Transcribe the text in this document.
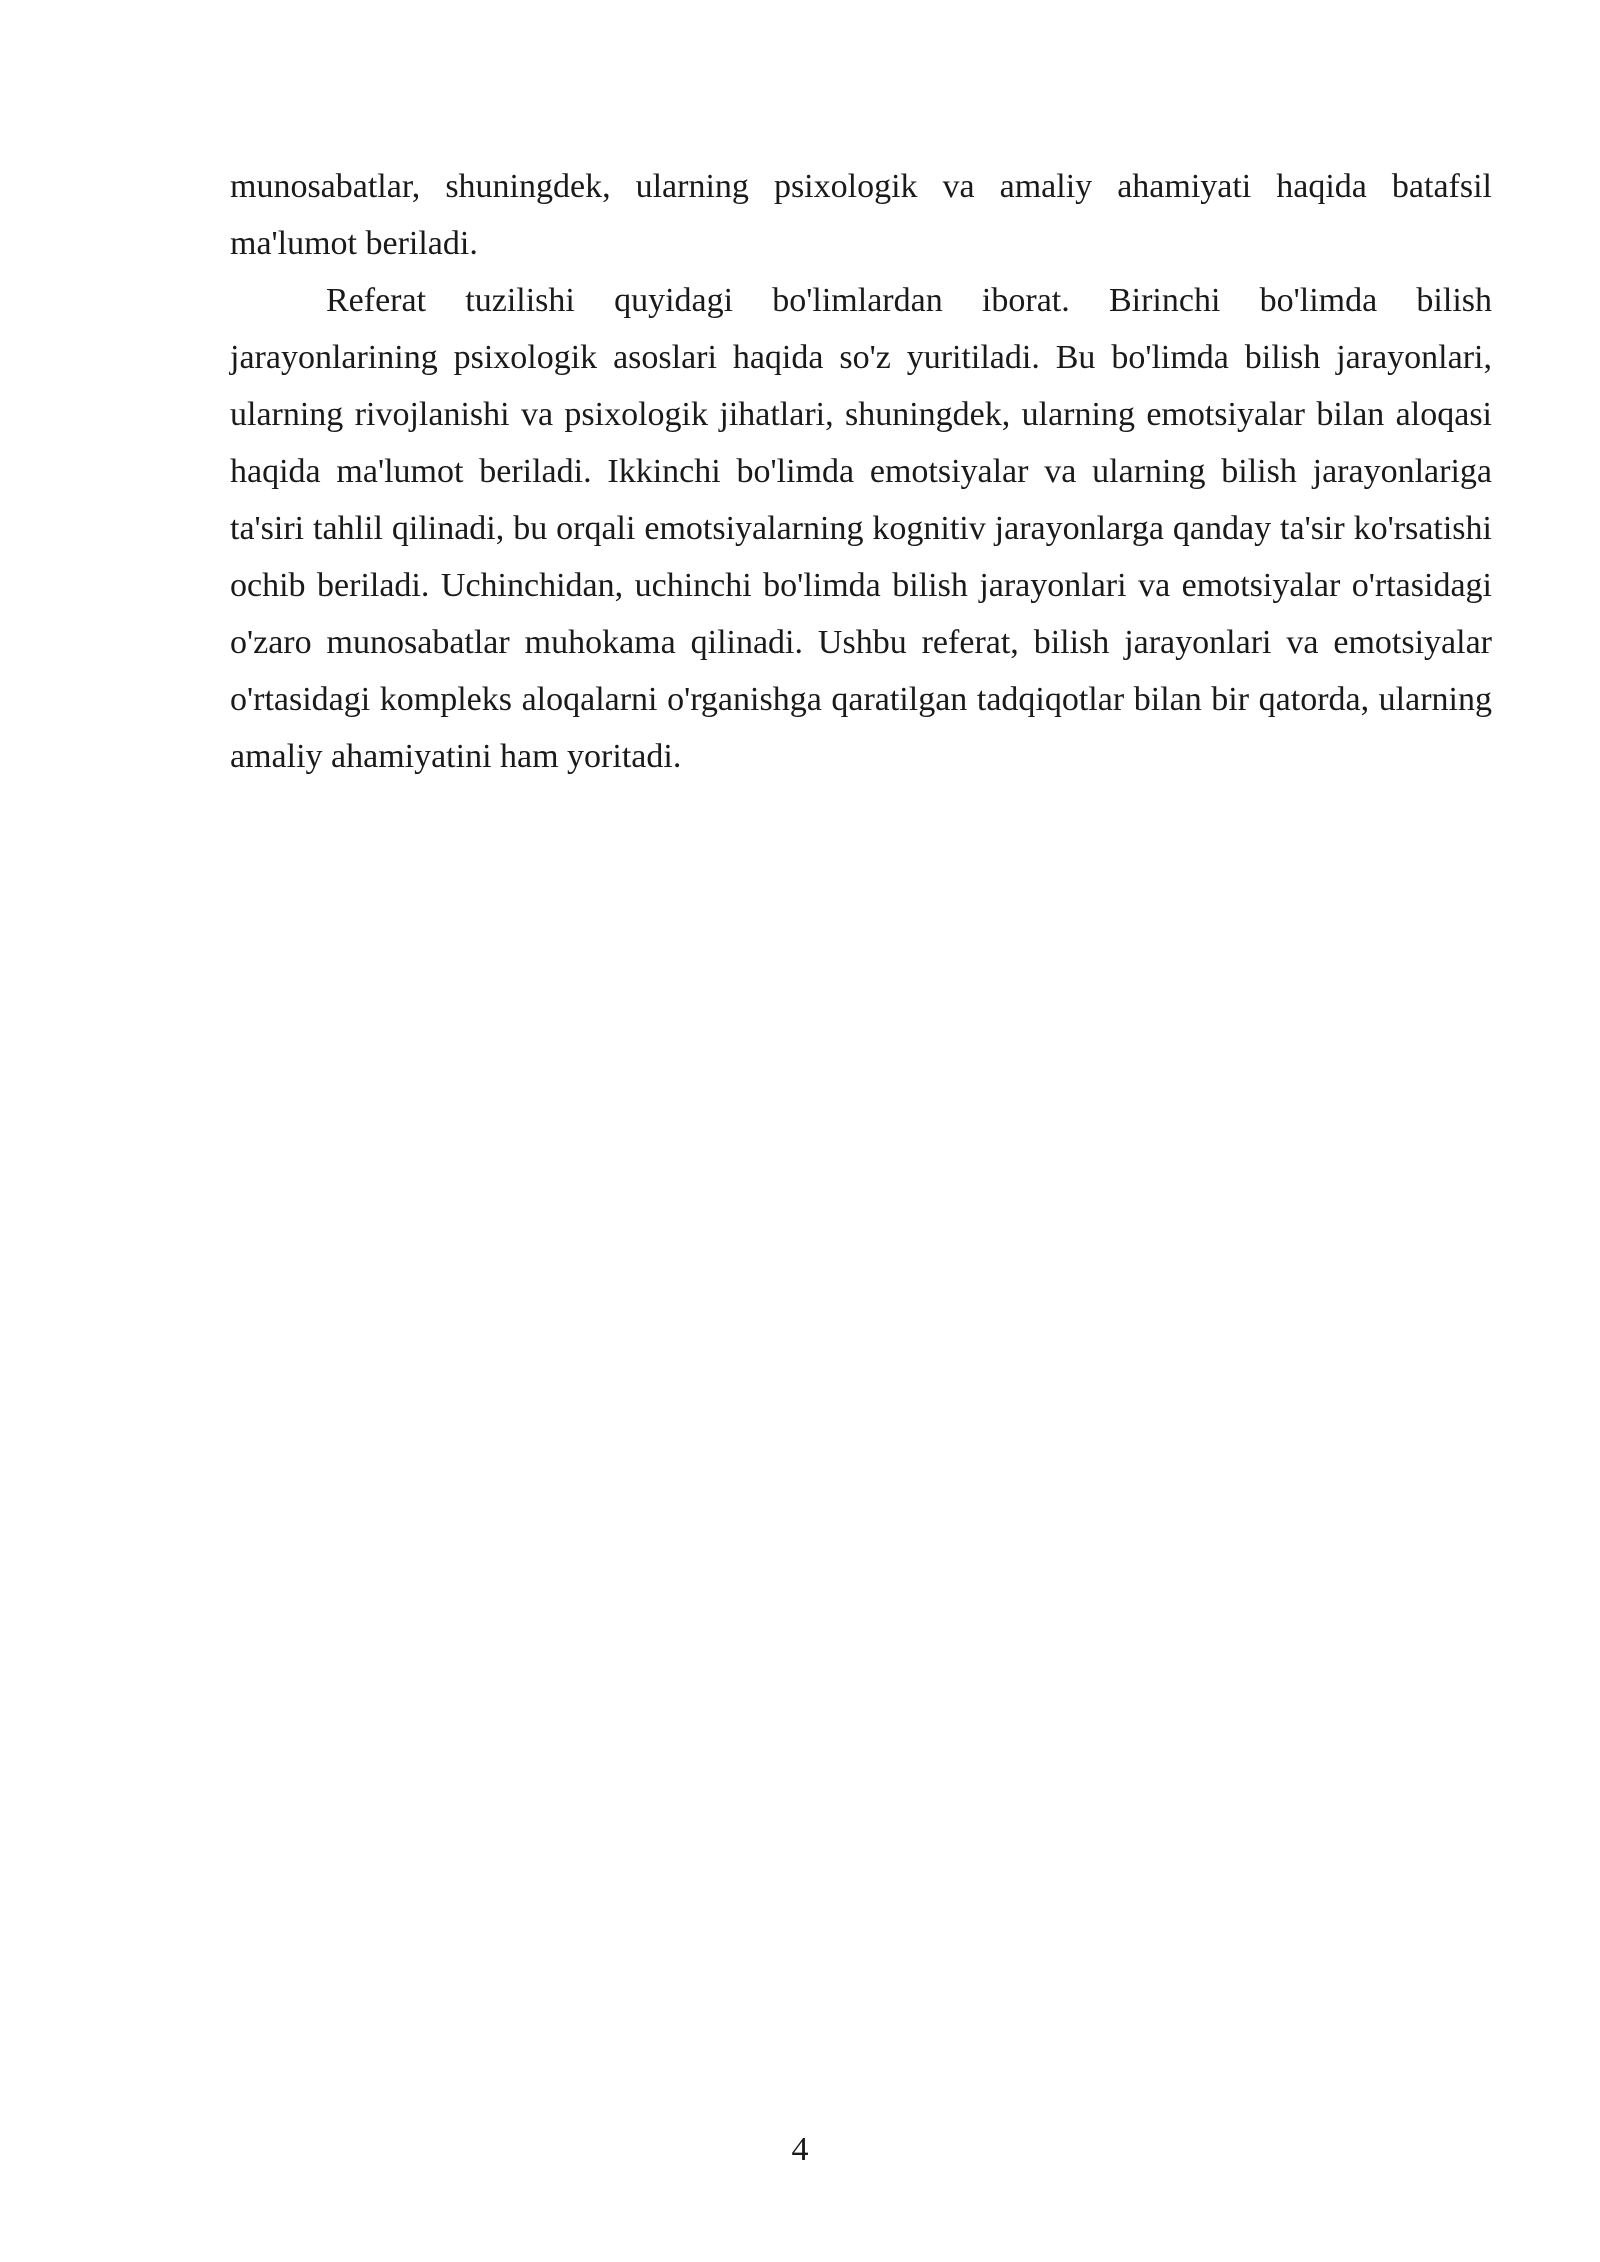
munosabatlar, shuningdek, ularning psixologik va amaliy ahamiyati haqida batafsil ma'lumot beriladi.

Referat tuzilishi quyidagi bo'limlardan iborat. Birinchi bo'limda bilish jarayonlarining psixologik asoslari haqida so'z yuritiladi. Bu bo'limda bilish jarayonlari, ularning rivojlanishi va psixologik jihatlari, shuningdek, ularning emotsiyalar bilan aloqasi haqida ma'lumot beriladi. Ikkinchi bo'limda emotsiyalar va ularning bilish jarayonlariga ta'siri tahlil qilinadi, bu orqali emotsiyalarning kognitiv jarayonlarga qanday ta'sir ko'rsatishi ochib beriladi. Uchinchidan, uchinchi bo'limda bilish jarayonlari va emotsiyalar o'rtasidagi o'zaro munosabatlar muhokama qilinadi. Ushbu referat, bilish jarayonlari va emotsiyalar o'rtasidagi kompleks aloqalarni o'rganishga qaratilgan tadqiqotlar bilan bir qatorda, ularning amaliy ahamiyatini ham yoritadi.

4
